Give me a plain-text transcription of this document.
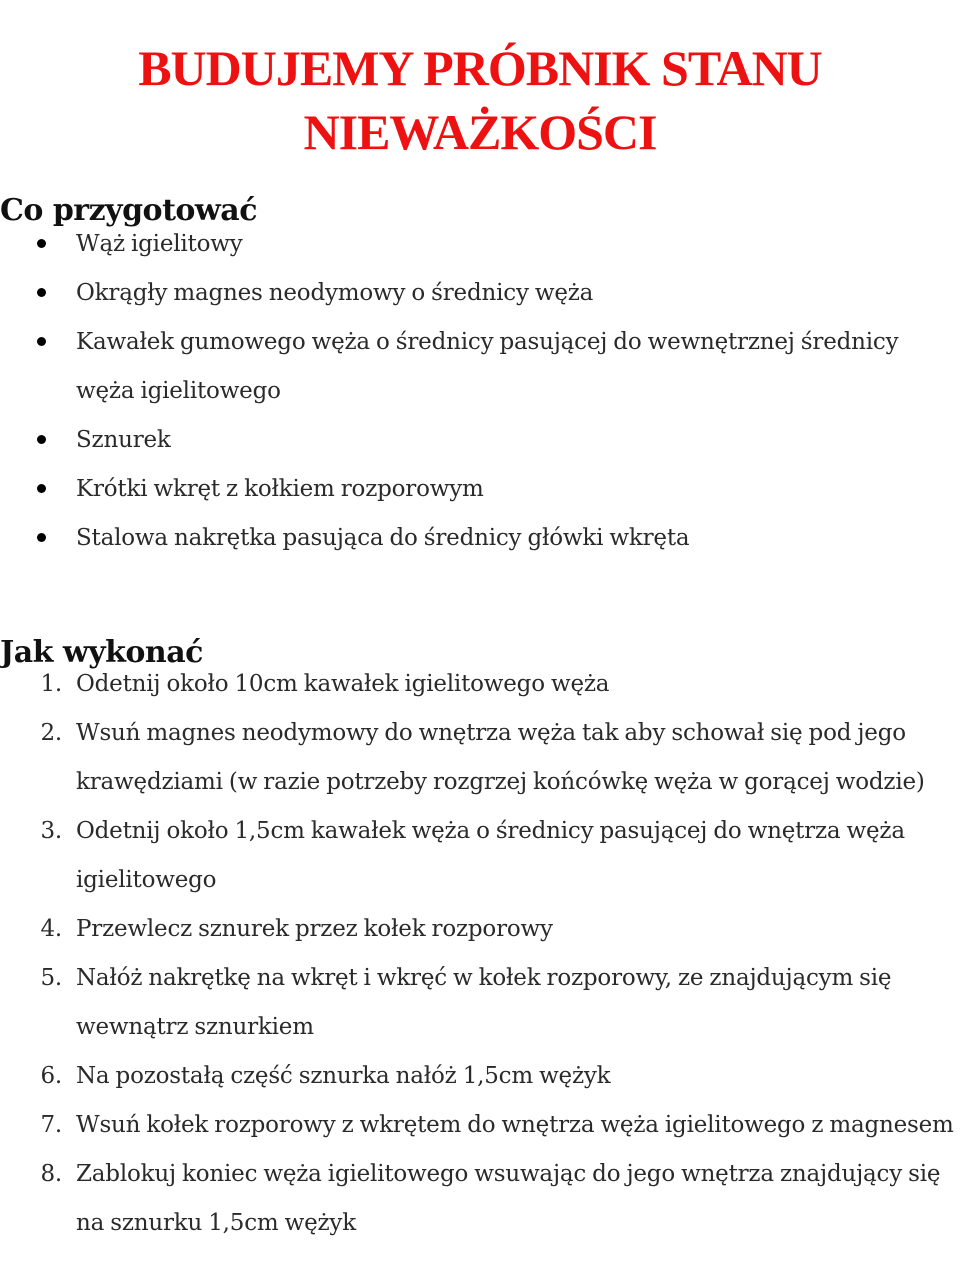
BUDUJEMY PRÓBNIK STANU
NIEWAŻKOŚCI
Co przygotować
Wąż igielitowy
Okrągły magnes neodymowy o średnicy węża
Kawałek gumowego węża o średnicy pasującej do wewnętrznej średnicy węża igielitowego
Sznurek
Krótki wkręt z kołkiem rozporowym
Stalowa nakrętka pasująca do średnicy główki wkręta
Jak wykonać
1. Odetnij około 10cm kawałek igielitowego węża
2. Wsuń magnes neodymowy do wnętrza węża tak aby schował się pod jego krawędziami (w razie potrzeby rozgrzej końcówkę węża w gorącej wodzie)
3. Odetnij około 1,5cm kawałek węża o średnicy pasującej do wnętrza węża igielitowego
4. Przewlecz sznurek przez kołek rozporowy
5. Nałóż nakrętkę na wkręt i wkręć w kołek rozporowy, ze znajdującym się wewnątrz sznurkiem
6. Na pozostałą część sznurka nałóż 1,5cm wężyk
7. Wsuń kołek rozporowy z wkrętem do wnętrza węża igielitowego z magnesem
8. Zablokuj koniec węża igielitowego wsuwając do jego wnętrza znajdujący się na sznurku 1,5cm wężyk
